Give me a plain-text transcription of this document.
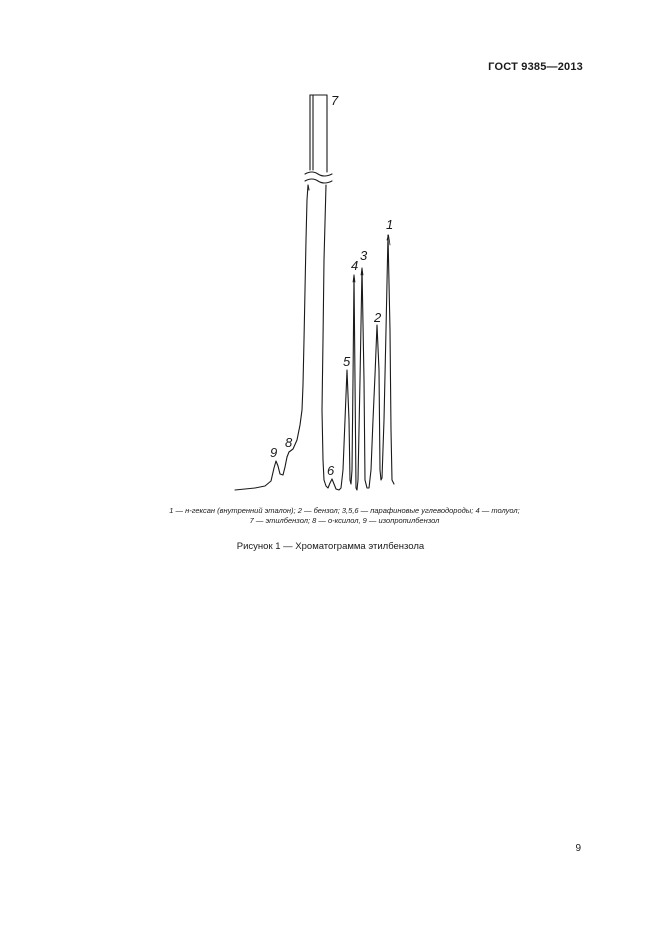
ГОСТ 9385—2013
1
2
3
4
5
6
7
8
9
1 — н-гексан (внутренний эталон); 2 — бензол; 3,5,6 — парафиновые углеводороды; 4 — толуол;
7 — этилбензол; 8 — о-ксилол, 9 — изопропилбензол
Рисунок 1 — Хроматограмма этилбензола
9
